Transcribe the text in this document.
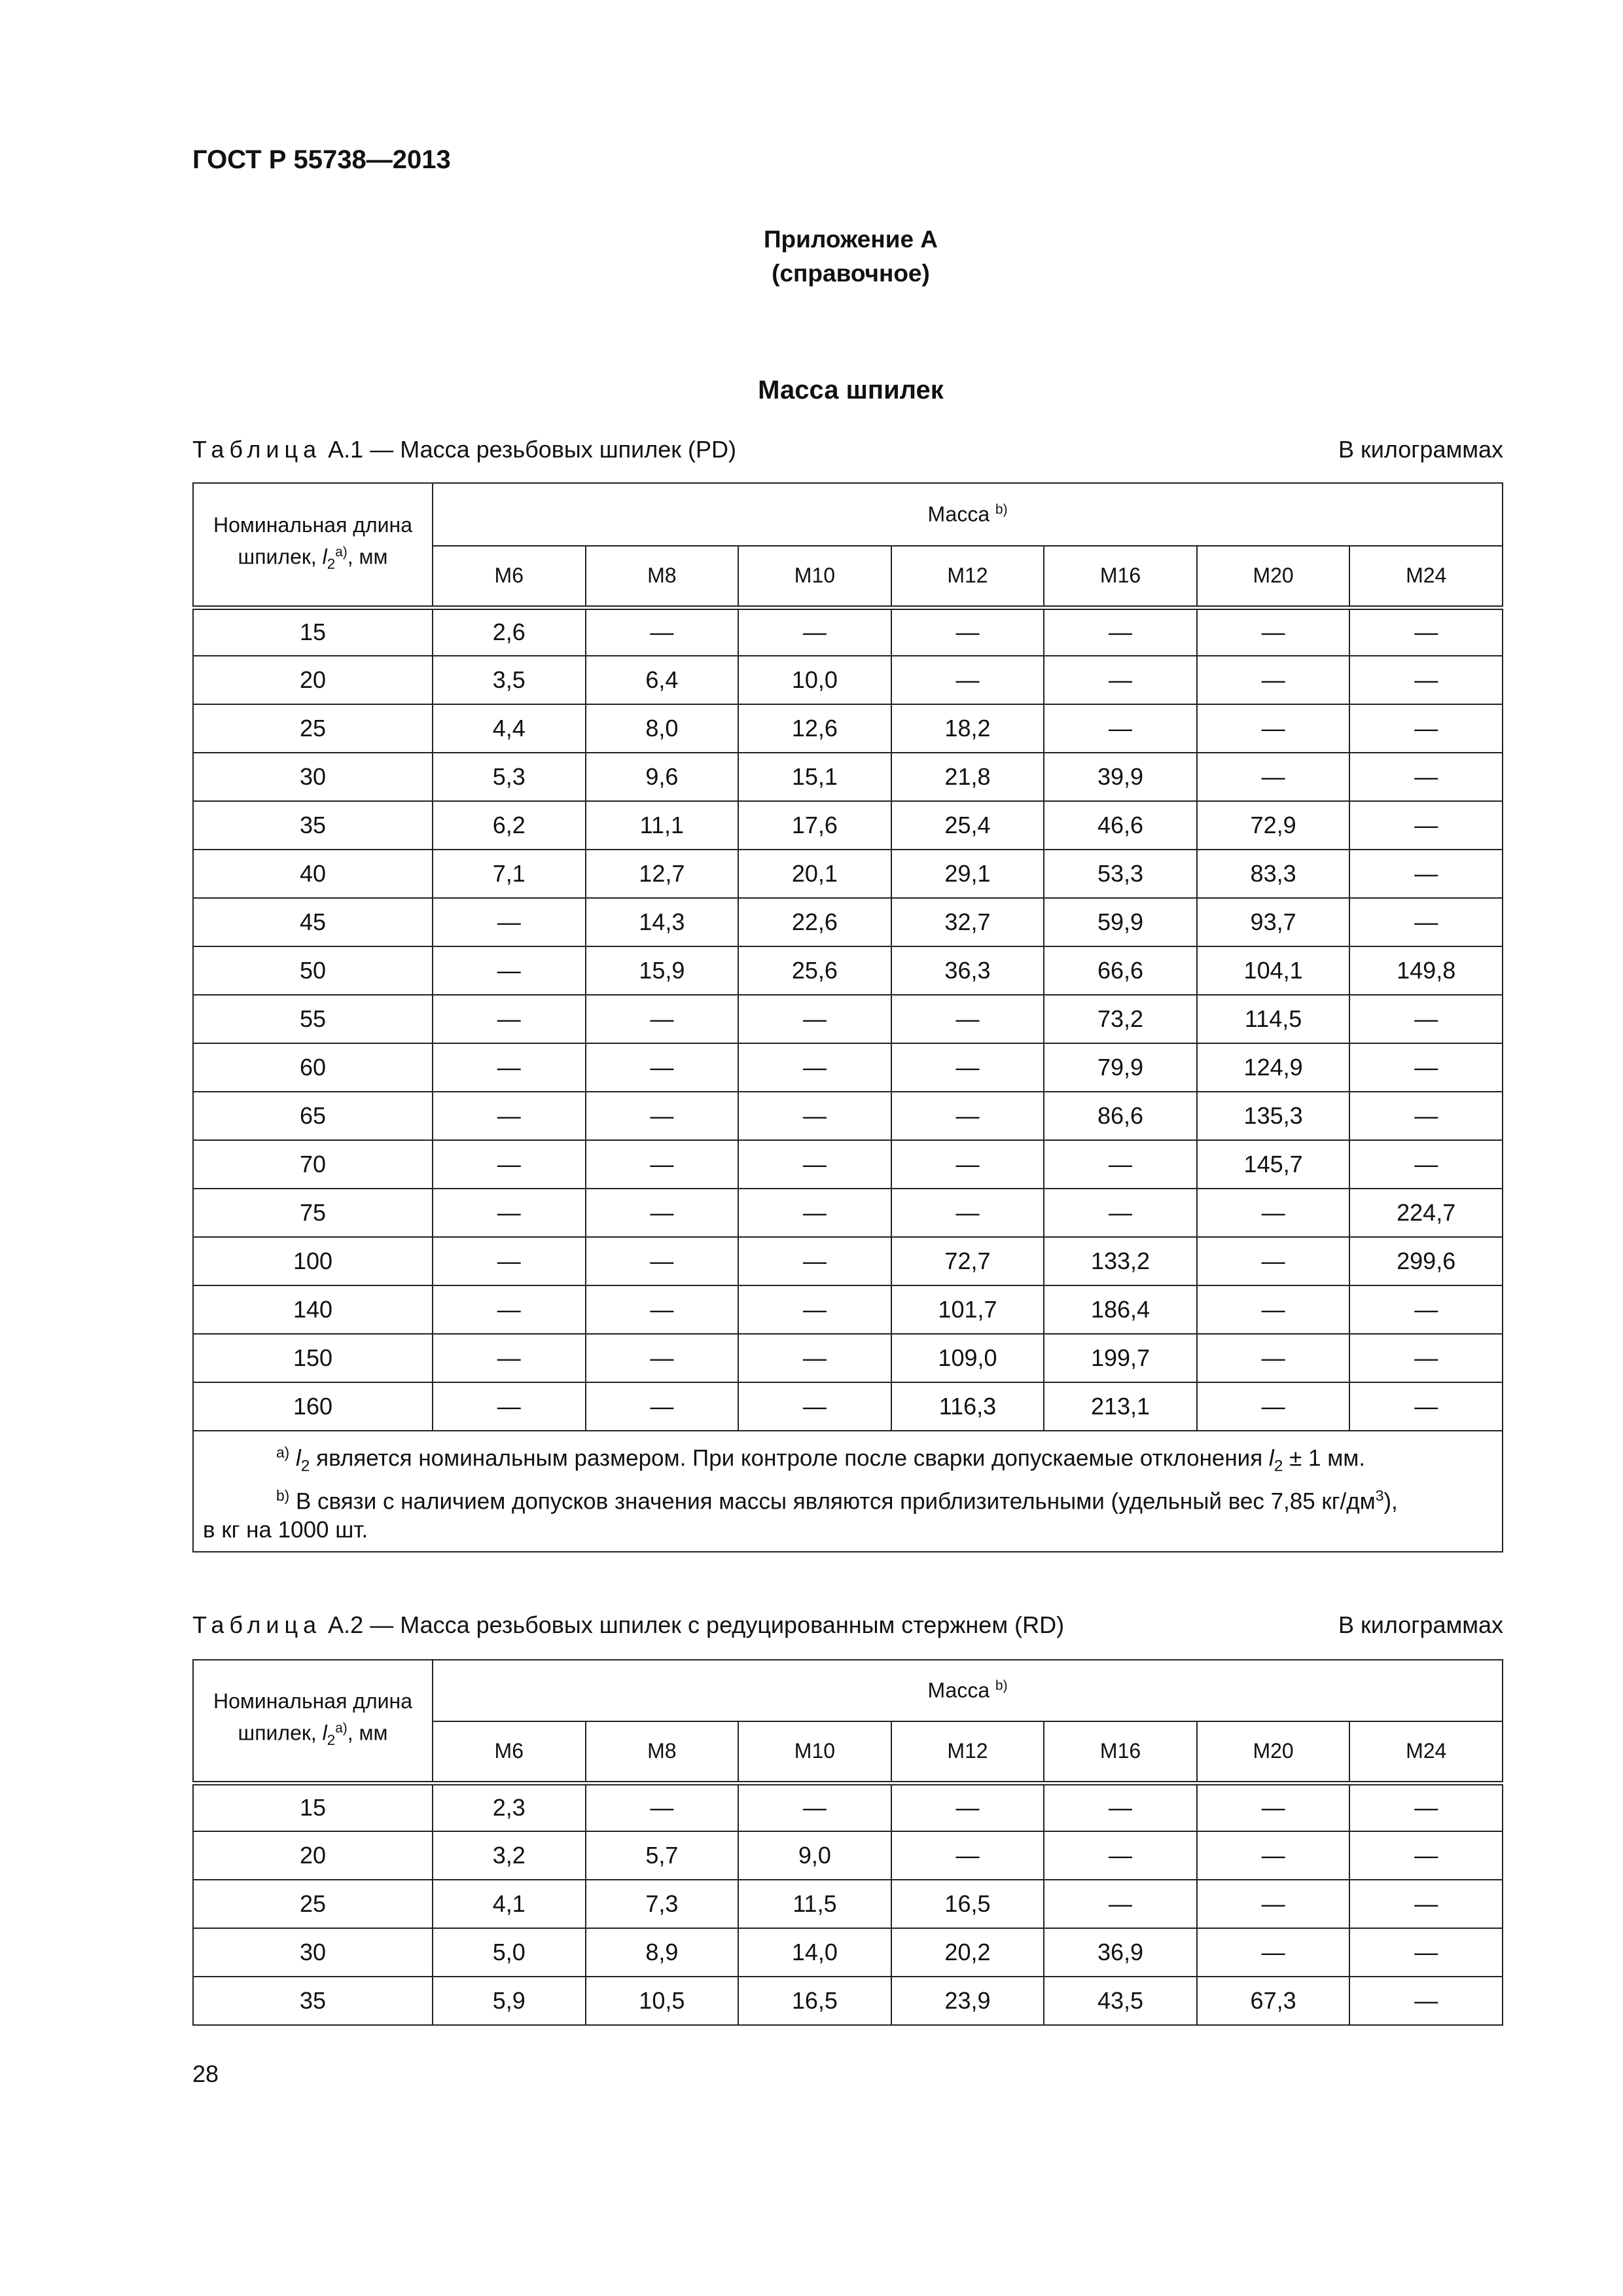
ГОСТ Р 55738—2013
Приложение А
(справочное)
Масса шпилек
Таблица А.1 — Масса резьбовых шпилек (PD)	В килограммах
Номинальная длина
шпилек, $l_2^{a)}$, мм	Масса $^{b)}$
	M6	M8	M10	M12	M16	M20	M24
15	2,6	—	—	—	—	—	—
20	3,5	6,4	10,0	—	—	—	—
25	4,4	8,0	12,6	18,2	—	—	—
30	5,3	9,6	15,1	21,8	39,9	—	—
35	6,2	11,1	17,6	25,4	46,6	72,9	—
40	7,1	12,7	20,1	29,1	53,3	83,3	—
45	—	14,3	22,6	32,7	59,9	93,7	—
50	—	15,9	25,6	36,3	66,6	104,1	149,8
55	—	—	—	—	73,2	114,5	—
60	—	—	—	—	79,9	124,9	—
65	—	—	—	—	86,6	135,3	—
70	—	—	—	—	—	145,7	—
75	—	—	—	—	—	—	224,7
100	—	—	—	72,7	133,2	—	299,6
140	—	—	—	101,7	186,4	—	—
150	—	—	—	109,0	199,7	—	—
160	—	—	—	116,3	213,1	—	—

$^{a)}$ $l_2$ является номинальным размером. При контроле после сварки допускаемые отклонения $l_2 \pm 1$ мм.
$^{b)}$ В связи с наличием допусков значения массы являются приблизительными (удельный вес 7,85 $кг/дм^3$),
в кг на 1000 шт.							
Таблица А.2 — Масса резьбовых шпилек с редуцированным стержнем (RD)	В килограммах
Номинальная длина
шпилек, $l_2^{a)}$, мм	Масса $^{b)}$
	M6	M8	M10	M12	M16	M20	M24
15	2,3	—	—	—	—	—	—
20	3,2	5,7	9,0	—	—	—	—
25	4,1	7,3	11,5	16,5	—	—	—
30	5,0	8,9	14,0	20,2	36,9	—	—
35	5,9	10,5	16,5	23,9	43,5	67,3	—
28
